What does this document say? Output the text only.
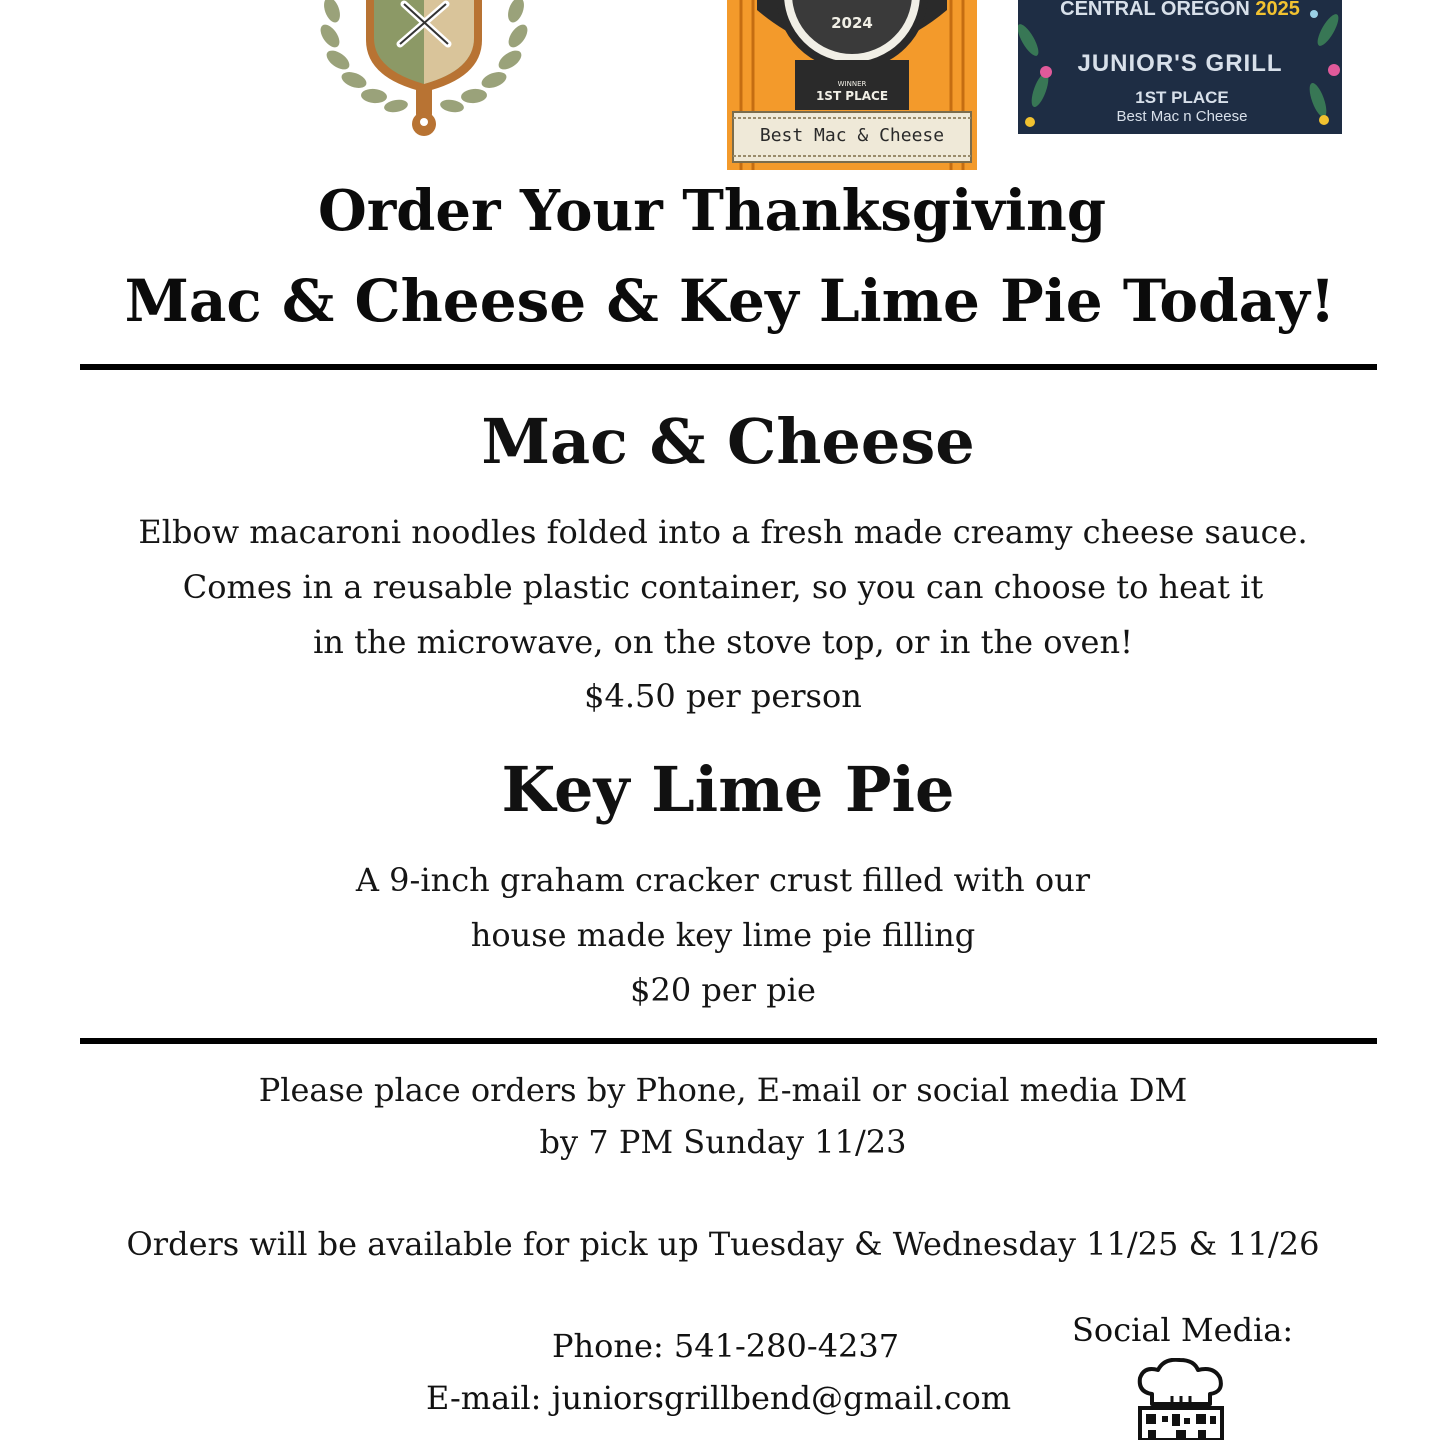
2024
WINNER
1ST PLACE
Best Mac & Cheese
CENTRAL OREGON 2025
JUNIOR'S GRILL
1ST PLACE
Best Mac n Cheese
Order Your Thanksgiving
Mac & Cheese & Key Lime Pie Today!
Mac & Cheese
Elbow macaroni noodles folded into a fresh made creamy cheese sauce.
Comes in a reusable plastic container, so you can choose to heat it
in the microwave, on the stove top, or in the oven!
$4.50 per person
Key Lime Pie
A 9-inch graham cracker crust filled with our
house made key lime pie filling
$20 per pie
Please place orders by Phone, E-mail or social media DM
by 7 PM Sunday 11/23
Orders will be available for pick up Tuesday & Wednesday 11/25 & 11/26
Phone: 541-280-4237
E-mail: juniorsgrillbend@gmail.com
Social Media:
